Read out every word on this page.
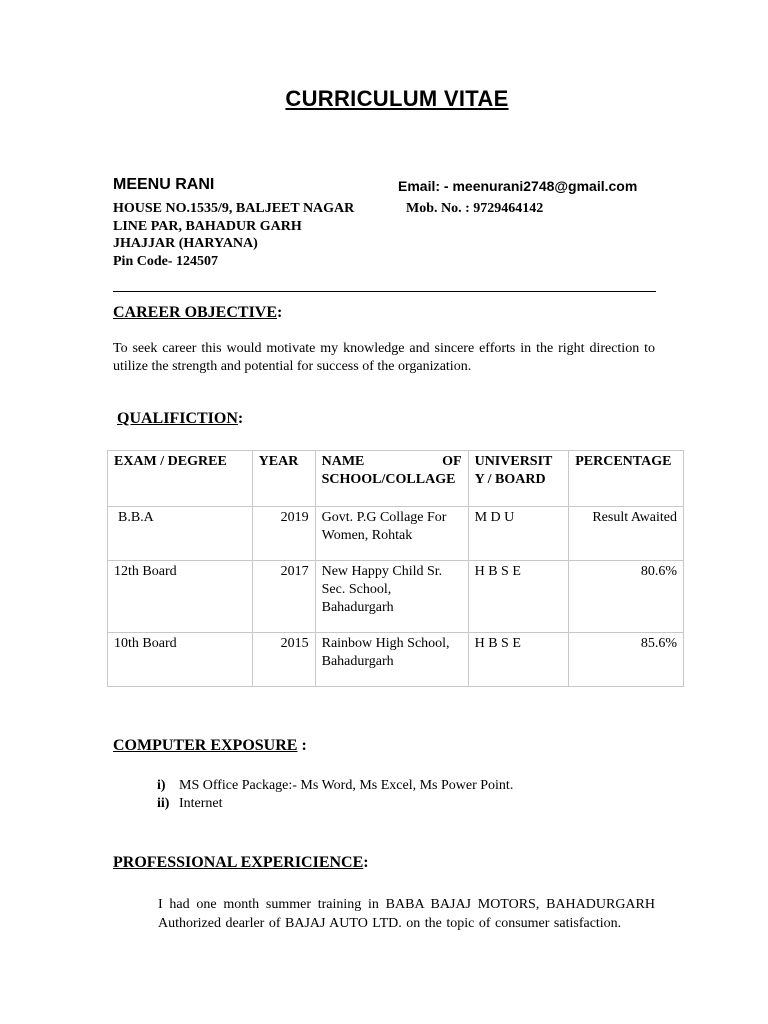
CURRICULUM VITAE
MEENU RANI	Email: - meenurani2748@gmail.com
Mob. No. : 9729464142
HOUSE NO.1535/9, BALJEET NAGAR
LINE PAR, BAHADUR GARH
JHAJJAR (HARYANA)
Pin Code- 124507
CAREER OBJECTIVE:
To seek career this would motivate my knowledge and sincere efforts in the right direction to utilize the strength and potential for success of the organization.
QUALIFICTION:
EXAM / DEGREE	YEAR	NAME OF SCHOOL/COLLAGE	UNIVERSITY / BOARD	PERCENTAGE
B.B.A	2019	Govt. P.G Collage For Women, Rohtak	M D U	Result Awaited
12th Board	2017	New Happy Child Sr. Sec. School, Bahadurgarh	H B S E	80.6%
10th Board	2015	Rainbow High School, Bahadurgarh	H B S E	85.6%
COMPUTER EXPOSURE :
i) MS Office Package:- Ms Word, Ms Excel, Ms Power Point.
ii) Internet
PROFESSIONAL EXPERICIENCE:
I had one month summer training in BABA BAJAJ MOTORS, BAHADURGARH Authorized dearler of BAJAJ AUTO LTD. on the topic of consumer satisfaction.
